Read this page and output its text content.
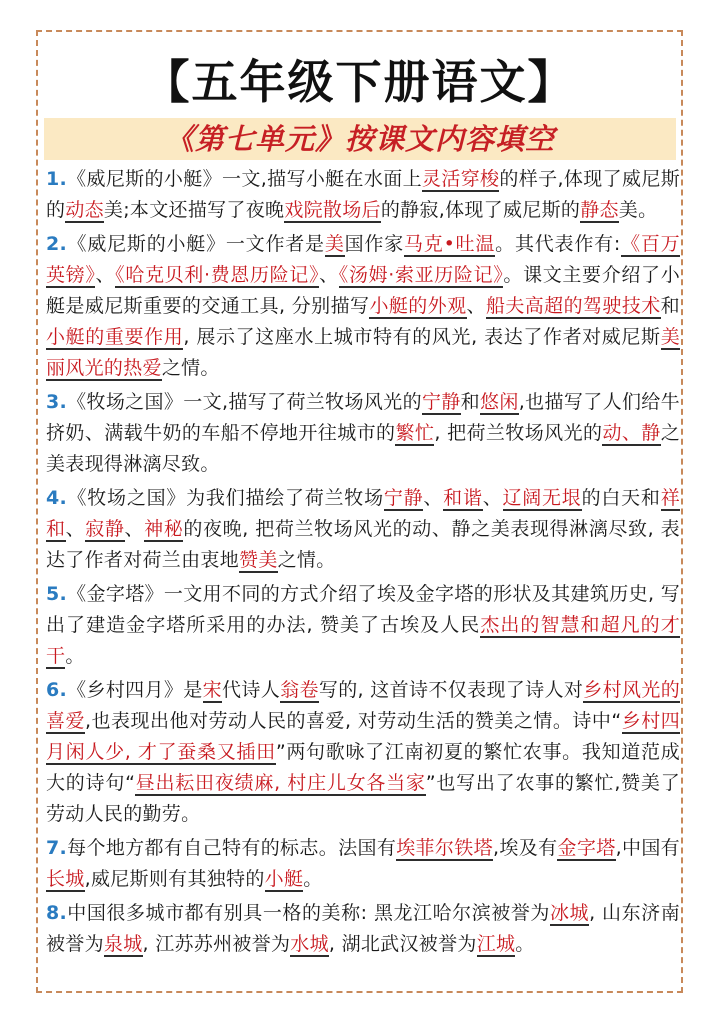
【五年级下册语文】
《第七单元》按课文内容填空
1.《威尼斯的小艇》一文,描写小艇在水面上灵活穿梭的样子,体现了威尼斯的动态美;本文还描写了夜晚戏院散场后的静寂,体现了威尼斯的静态美。
2.《威尼斯的小艇》一文作者是美国作家马克•吐温。其代表作有:《百万英镑》、《哈克贝利·费恩历险记》、《汤姆·索亚历险记》。课文主要介绍了小艇是威尼斯重要的交通工具, 分别描写小艇的外观、船夫高超的驾驶技术和小艇的重要作用, 展示了这座水上城市特有的风光, 表达了作者对威尼斯美丽风光的热爱之情。
3.《牧场之国》一文,描写了荷兰牧场风光的宁静和悠闲,也描写了人们给牛挤奶、满载牛奶的车船不停地开往城市的繁忙, 把荷兰牧场风光的动、静之美表现得淋漓尽致。
4.《牧场之国》为我们描绘了荷兰牧场宁静、和谐、辽阔无垠的白天和祥和、寂静、神秘的夜晚, 把荷兰牧场风光的动、静之美表现得淋漓尽致, 表达了作者对荷兰由衷地赞美之情。
5.《金字塔》一文用不同的方式介绍了埃及金字塔的形状及其建筑历史, 写出了建造金字塔所采用的办法, 赞美了古埃及人民杰出的智慧和超凡的才干。
6.《乡村四月》是宋代诗人翁卷写的, 这首诗不仅表现了诗人对乡村风光的喜爱,也表现出他对劳动人民的喜爱, 对劳动生活的赞美之情。诗中“乡村四月闲人少, 才了蚕桑又插田”两句歌咏了江南初夏的繁忙农事。我知道范成大的诗句“昼出耘田夜绩麻, 村庄儿女各当家”也写出了农事的繁忙,赞美了劳动人民的勤劳。
7.每个地方都有自己特有的标志。法国有埃菲尔铁塔,埃及有金字塔,中国有长城,威尼斯则有其独特的小艇。
8.中国很多城市都有别具一格的美称: 黑龙江哈尔滨被誉为冰城, 山东济南被誉为泉城, 江苏苏州被誉为水城, 湖北武汉被誉为江城。
